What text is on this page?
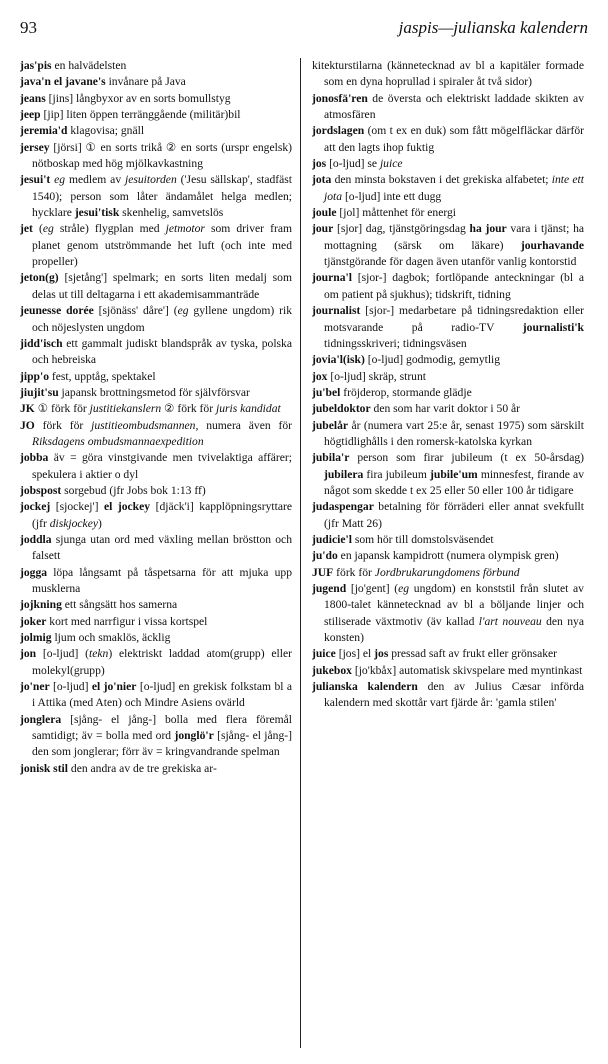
93	jaspis—julianska kalendern

jas'pis en halvädelsten

java'n el javane's invånare på Java

jeans [jins] långbyxor av en sorts bomullstyg

jeep [jip] liten öppen terränggående (militär)bil

jeremia'd klagovisa; gnäll

jersey [jörsi] ① en sorts trikå ② en sorts (urspr engelsk) nötboskap med hög mjölkavkastning

jesui't eg medlem av jesuitorden ('Jesu sällskap', stadfäst 1540); person som låter ändamålet helga medlen; hycklare jesui'tisk skenhelig, samvetslös

jet (eg stråle) flygplan med jetmotor som driver fram planet genom utströmmande het luft (och inte med propeller)

jeton(g) [sjetång'] spelmark; en sorts liten medalj som delas ut till deltagarna i ett akademisammanträde

jeunesse dorée [sjönäss' dåre'] (eg gyllene ungdom) rik och nöjeslysten ungdom

jidd'isch ett gammalt judiskt blandspråk av tyska, polska och hebreiska

jipp'o fest, upptåg, spektakel

jiujit'su japansk brottningsmetod för självförsvar

JK ① förk för justitiekanslern ② förk för juris kandidat

JO förk för justitieombudsmannen, numera även för Riksdagens ombudsmannaexpedition

jobba äv = göra vinstgivande men tvivelaktiga affärer; spekulera i aktier o dyl

jobspost sorgebud (jfr Jobs bok 1:13 ff)

jockej [sjockej'] el jockey [djäck'i] kapplöpningsryttare (jfr diskjockey)

joddla sjunga utan ord med växling mellan bröstton och falsett

jogga löpa långsamt på tåspetsarna för att mjuka upp musklerna

jojkning ett sångsätt hos samerna

joker kort med narrfigur i vissa kortspel

jolmig ljum och smaklös, äcklig

jon [o-ljud] (tekn) elektriskt laddad atom(grupp) eller molekyl(grupp)

jo'ner [o-ljud] el jo'nier [o-ljud] en grekisk folkstam bl a i Attika (med Aten) och Mindre Asiens ovärld

jonglera [sjång- el jång-] bolla med flera föremål samtidigt; äv = bolla med ord jonglö'r [sjång- el jång-] den som jonglerar; förr äv = kringvandrande spelman

jonisk stil den andra av de tre grekiska ar-

kitekturstilarna (kännetecknad av bl a kapitäler formade som en dyna hoprullad i spiraler åt två sidor)

jonosfä'ren de översta och elektriskt laddade skikten av atmosfären

jordslagen (om t ex en duk) som fått mögelfläckar därför att den lagts ihop fuktig

jos [o-ljud] se juice

jota den minsta bokstaven i det grekiska alfabetet; inte ett jota [o-ljud] inte ett dugg

joule [jol] måttenhet för energi

jour [sjor] dag, tjänstgöringsdag ha jour vara i tjänst; ha mottagning (särsk om läkare) jourhavande tjänstgörande för dagen även utanför vanlig kontorstid

journa'l [sjor-] dagbok; fortlöpande anteckningar (bl a om patient på sjukhus); tidskrift, tidning

journalist [sjor-] medarbetare på tidningsredaktion eller motsvarande på radio-TV journalisti'k tidningsskriveri; tidningsväsen

jovia'l(isk) [o-ljud] godmodig, gemytlig

jox [o-ljud] skräp, strunt

ju'bel fröjderop, stormande glädje

jubeldoktor den som har varit doktor i 50 år

jubelår år (numera vart 25:e år, senast 1975) som särskilt högtidlighålls i den romersk-katolska kyrkan

jubila'r person som firar jubileum (t ex 50-årsdag) jubilera fira jubileum jubile'um minnesfest, firande av något som skedde t ex 25 eller 50 eller 100 år tidigare

judaspengar betalning för förräderi eller annat svekfullt (jfr Matt 26)

judicie'l som hör till domstolsväsendet

ju'do en japansk kampidrott (numera olympisk gren)

JUF förk för Jordbrukarungdomens förbund

jugend [jo'gent] (eg ungdom) en konststil från slutet av 1800-talet kännetecknad av bl a böljande linjer och stiliserade växtmotiv (äv kallad l'art nouveau den nya konsten)

juice [jos] el jos pressad saft av frukt eller grönsaker

jukebox [jo'kbåx] automatisk skivspelare med myntinkast

julianska kalendern den av Julius Cæsar införda kalendern med skottår vart fjärde år: 'gamla stilen'
